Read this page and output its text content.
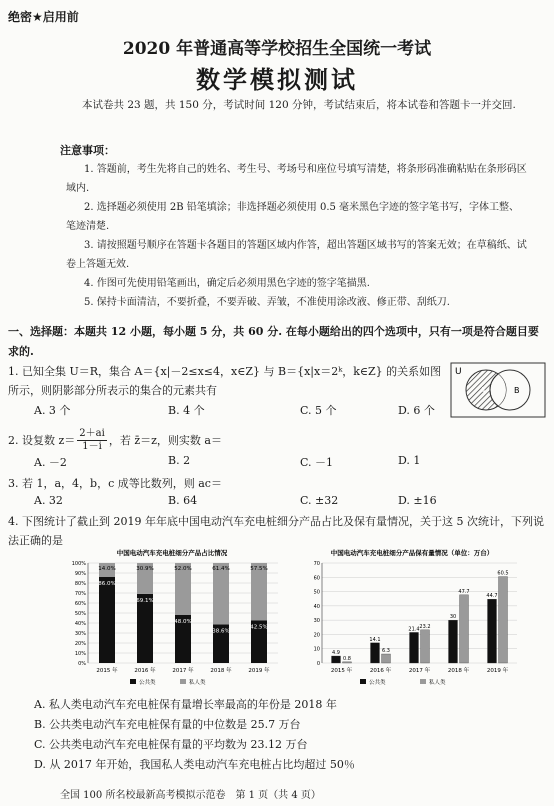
绝密★启用前
2020 年普通高等学校招生全国统一考试
数学模拟测试
本试卷共 23 题，共 150 分，考试时间 120 分钟，考试结束后，将本试卷和答题卡一并交回.
注意事项：
1. 答题前，考生先将自己的姓名、考生号、考场号和座位号填写清楚，将条形码准确粘贴在条形码区域内.
2. 选择题必须使用 2B 铅笔填涂；非选择题必须使用 0.5 毫米黑色字迹的签字笔书写，字体工整、笔迹清楚.
3. 请按照题号顺序在答题卡各题目的答题区域内作答，超出答题区域书写的答案无效；在草稿纸、试卷上答题无效.
4. 作图可先使用铅笔画出，确定后必须用黑色字迹的签字笔描黑.
5. 保持卡面清洁，不要折叠，不要弄破、弄皱，不准使用涂改液、修正带、刮纸刀.
一、选择题：本题共 12 小题，每小题 5 分，共 60 分. 在每小题给出的四个选项中，只有一项是符合题目要求的.
1. 已知全集 U＝R，集合 A＝{x|－2≤x≤4，x∈Z} 与 B＝{x|x＝2ᵏ，k∈Z} 的关系如图所示，则阴影部分所表示的集合的元素共有
A. 3 个	B. 4 个	C. 5 个	D. 6 个
U
A	B
2. 设复数 $z= \frac{2+ai}{1-i}$ ，若 z̄＝z，则实数 a＝
A. －2	B. 2	C. －1	D. 1
3. 若 1，a，4，b，c 成等比数列，则 ac＝
A. 32	B. 64	C. ±32	D. ±16
4. 下图统计了截止到 2019 年年底中国电动汽车充电桩细分产品占比及保有量情况，关于这 5 次统计，下列说法正确的是
中国电动汽车充电桩细分产品占比情况
0%
10%
20%
30%
40%
50%
60%
70%
80%
90%
100%
86.0%
14.0%
2015 年
69.1%
30.9%
2016 年
48.0%
52.0%
2017 年
38.6%
61.4%
2018 年
42.5%
57.5%
2019 年
公共类	私人类
中国电动汽车充电桩细分产品保有量情况（单位：万台）
0
10
20
30
40
50
60
70
4.9
0.8
2015 年
14.1
6.3
2016 年
21.4 23.2
2017 年
30
47.7
2018 年
44.7
60.5
2019 年
公共类	私人类
A. 私人类电动汽车充电桩保有量增长率最高的年份是 2018 年
B. 公共类电动汽车充电桩保有量的中位数是 25.7 万台
C. 公共类电动汽车充电桩保有量的平均数为 23.12 万台
D. 从 2017 年开始，我国私人类电动汽车充电桩占比均超过 50％
全国 100 所名校最新高考模拟示范卷　第 1 页（共 4 页）
